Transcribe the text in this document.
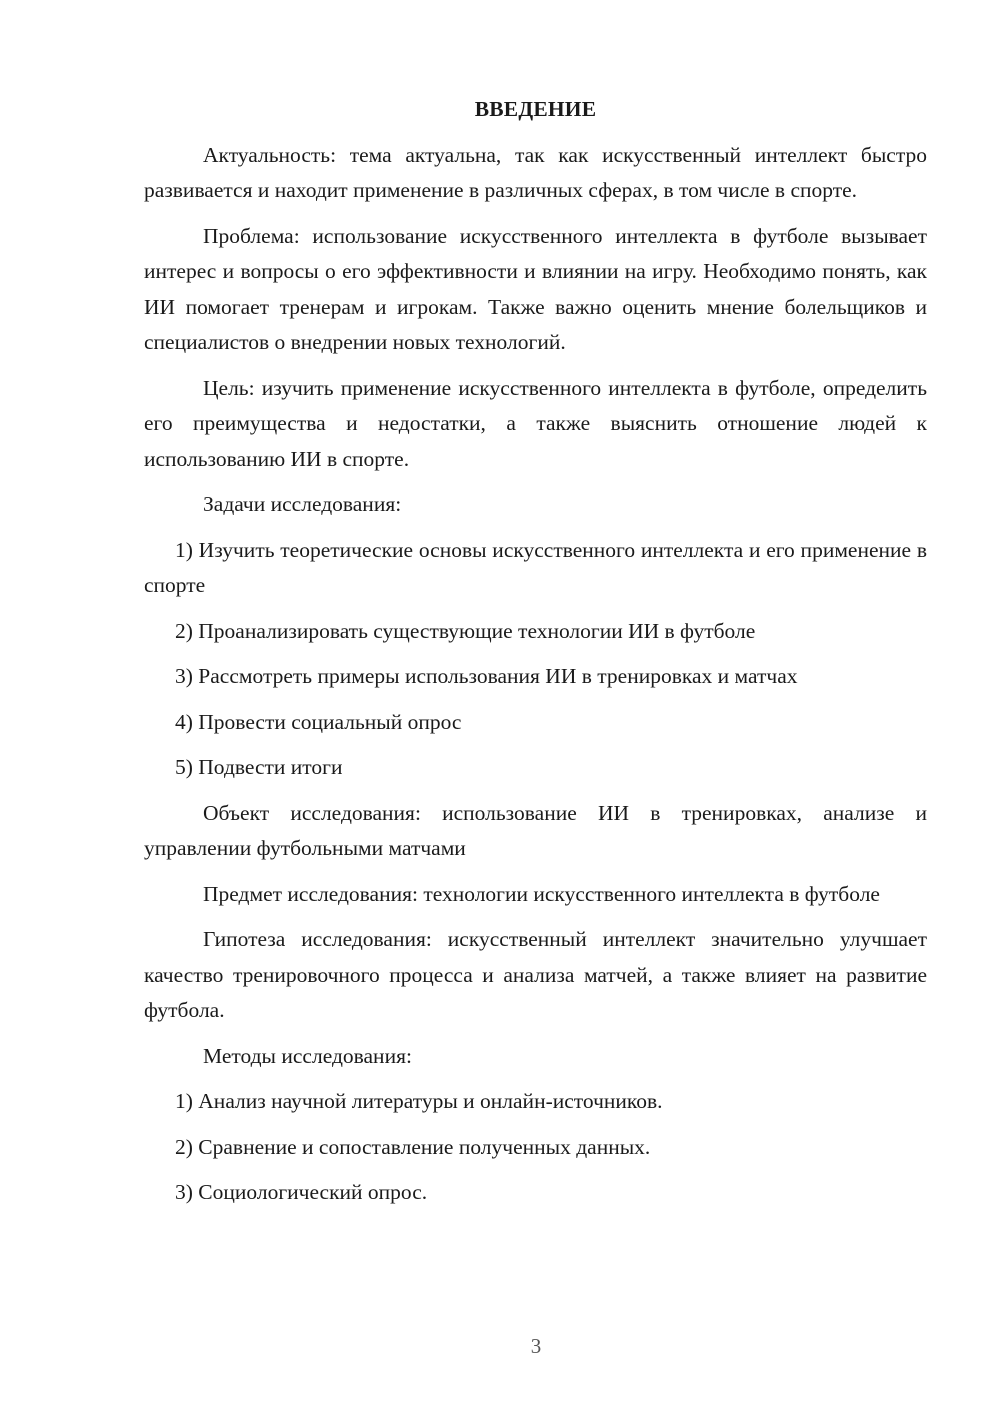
ВВЕДЕНИЕ

Актуальность: тема актуальна, так как искусственный интеллект быстро развивается и находит применение в различных сферах, в том числе в спорте.

Проблема: использование искусственного интеллекта в футболе вызывает интерес и вопросы о его эффективности и влиянии на игру. Необходимо понять, как ИИ помогает тренерам и игрокам. Также важно оценить мнение болельщиков и специалистов о внедрении новых технологий.

Цель: изучить применение искусственного интеллекта в футболе, определить его преимущества и недостатки, а также выяснить отношение людей к использованию ИИ в спорте.

Задачи исследования:

1) Изучить теоретические основы искусственного интеллекта и его применение в спорте

2) Проанализировать существующие технологии ИИ в футболе

3) Рассмотреть примеры использования ИИ в тренировках и матчах

4) Провести социальный опрос

5) Подвести итоги

Объект исследования: использование ИИ в тренировках, анализе и управлении футбольными матчами

Предмет исследования: технологии искусственного интеллекта в футболе

Гипотеза исследования: искусственный интеллект значительно улучшает качество тренировочного процесса и анализа матчей, а также влияет на развитие футбола.

Методы исследования:

1) Анализ научной литературы и онлайн-источников.

2) Сравнение и сопоставление полученных данных.

3) Социологический опрос.

3
